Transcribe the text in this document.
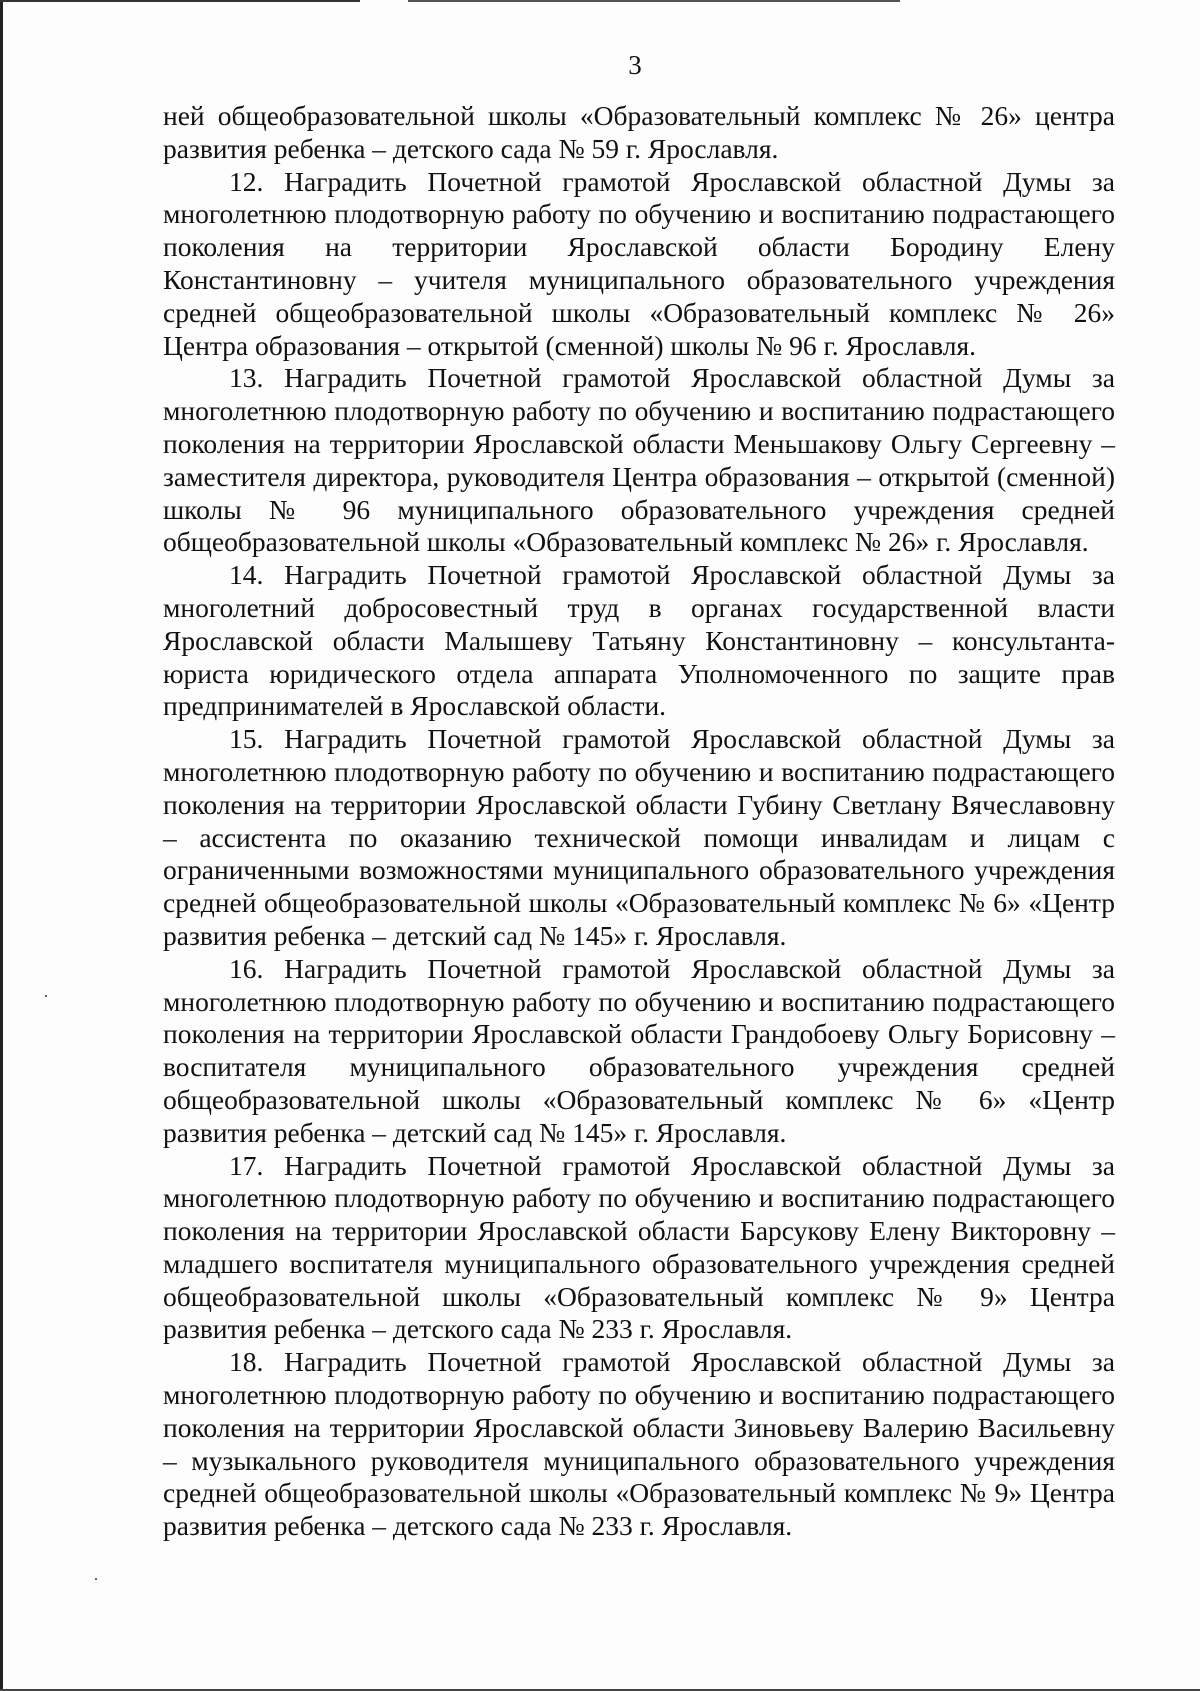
3

ней общеобразовательной школы «Образовательный комплекс № 26» центра развития ребенка – детского сада № 59 г. Ярославля.

12. Наградить Почетной грамотой Ярославской областной Думы за многолетнюю плодотворную работу по обучению и воспитанию подрастающего поколения на территории Ярославской области Бородину Елену Константиновну – учителя муниципального образовательного учреждения средней общеобразовательной школы «Образовательный комплекс № 26» Центра образования – открытой (сменной) школы № 96 г. Ярославля.

13. Наградить Почетной грамотой Ярославской областной Думы за многолетнюю плодотворную работу по обучению и воспитанию подрастающего поколения на территории Ярославской области Меньшакову Ольгу Сергеевну – заместителя директора, руководителя Центра образования – открытой (сменной) школы № 96 муниципального образовательного учреждения средней общеобразовательной школы «Образовательный комплекс № 26» г. Ярославля.

14. Наградить Почетной грамотой Ярославской областной Думы за многолетний добросовестный труд в органах государственной власти Ярославской области Малышеву Татьяну Константиновну – консультанта-юриста юридического отдела аппарата Уполномоченного по защите прав предпринимателей в Ярославской области.

15. Наградить Почетной грамотой Ярославской областной Думы за многолетнюю плодотворную работу по обучению и воспитанию подрастающего поколения на территории Ярославской области Губину Светлану Вячеславовну – ассистента по оказанию технической помощи инвалидам и лицам с ограниченными возможностями муниципального образовательного учреждения средней общеобразовательной школы «Образовательный комплекс № 6» «Центр развития ребенка – детский сад № 145» г. Ярославля.

16. Наградить Почетной грамотой Ярославской областной Думы за многолетнюю плодотворную работу по обучению и воспитанию подрастающего поколения на территории Ярославской области Грандобоеву Ольгу Борисовну – воспитателя муниципального образовательного учреждения средней общеобразовательной школы «Образовательный комплекс № 6» «Центр развития ребенка – детский сад № 145» г. Ярославля.

17. Наградить Почетной грамотой Ярославской областной Думы за многолетнюю плодотворную работу по обучению и воспитанию подрастающего поколения на территории Ярославской области Барсукову Елену Викторовну – младшего воспитателя муниципального образовательного учреждения средней общеобразовательной школы «Образовательный комплекс № 9» Центра развития ребенка – детского сада № 233 г. Ярославля.

18. Наградить Почетной грамотой Ярославской областной Думы за многолетнюю плодотворную работу по обучению и воспитанию подрастающего поколения на территории Ярославской области Зиновьеву Валерию Васильевну – музыкального руководителя муниципального образовательного учреждения средней общеобразовательной школы «Образовательный комплекс № 9» Центра развития ребенка – детского сада № 233 г. Ярославля.
